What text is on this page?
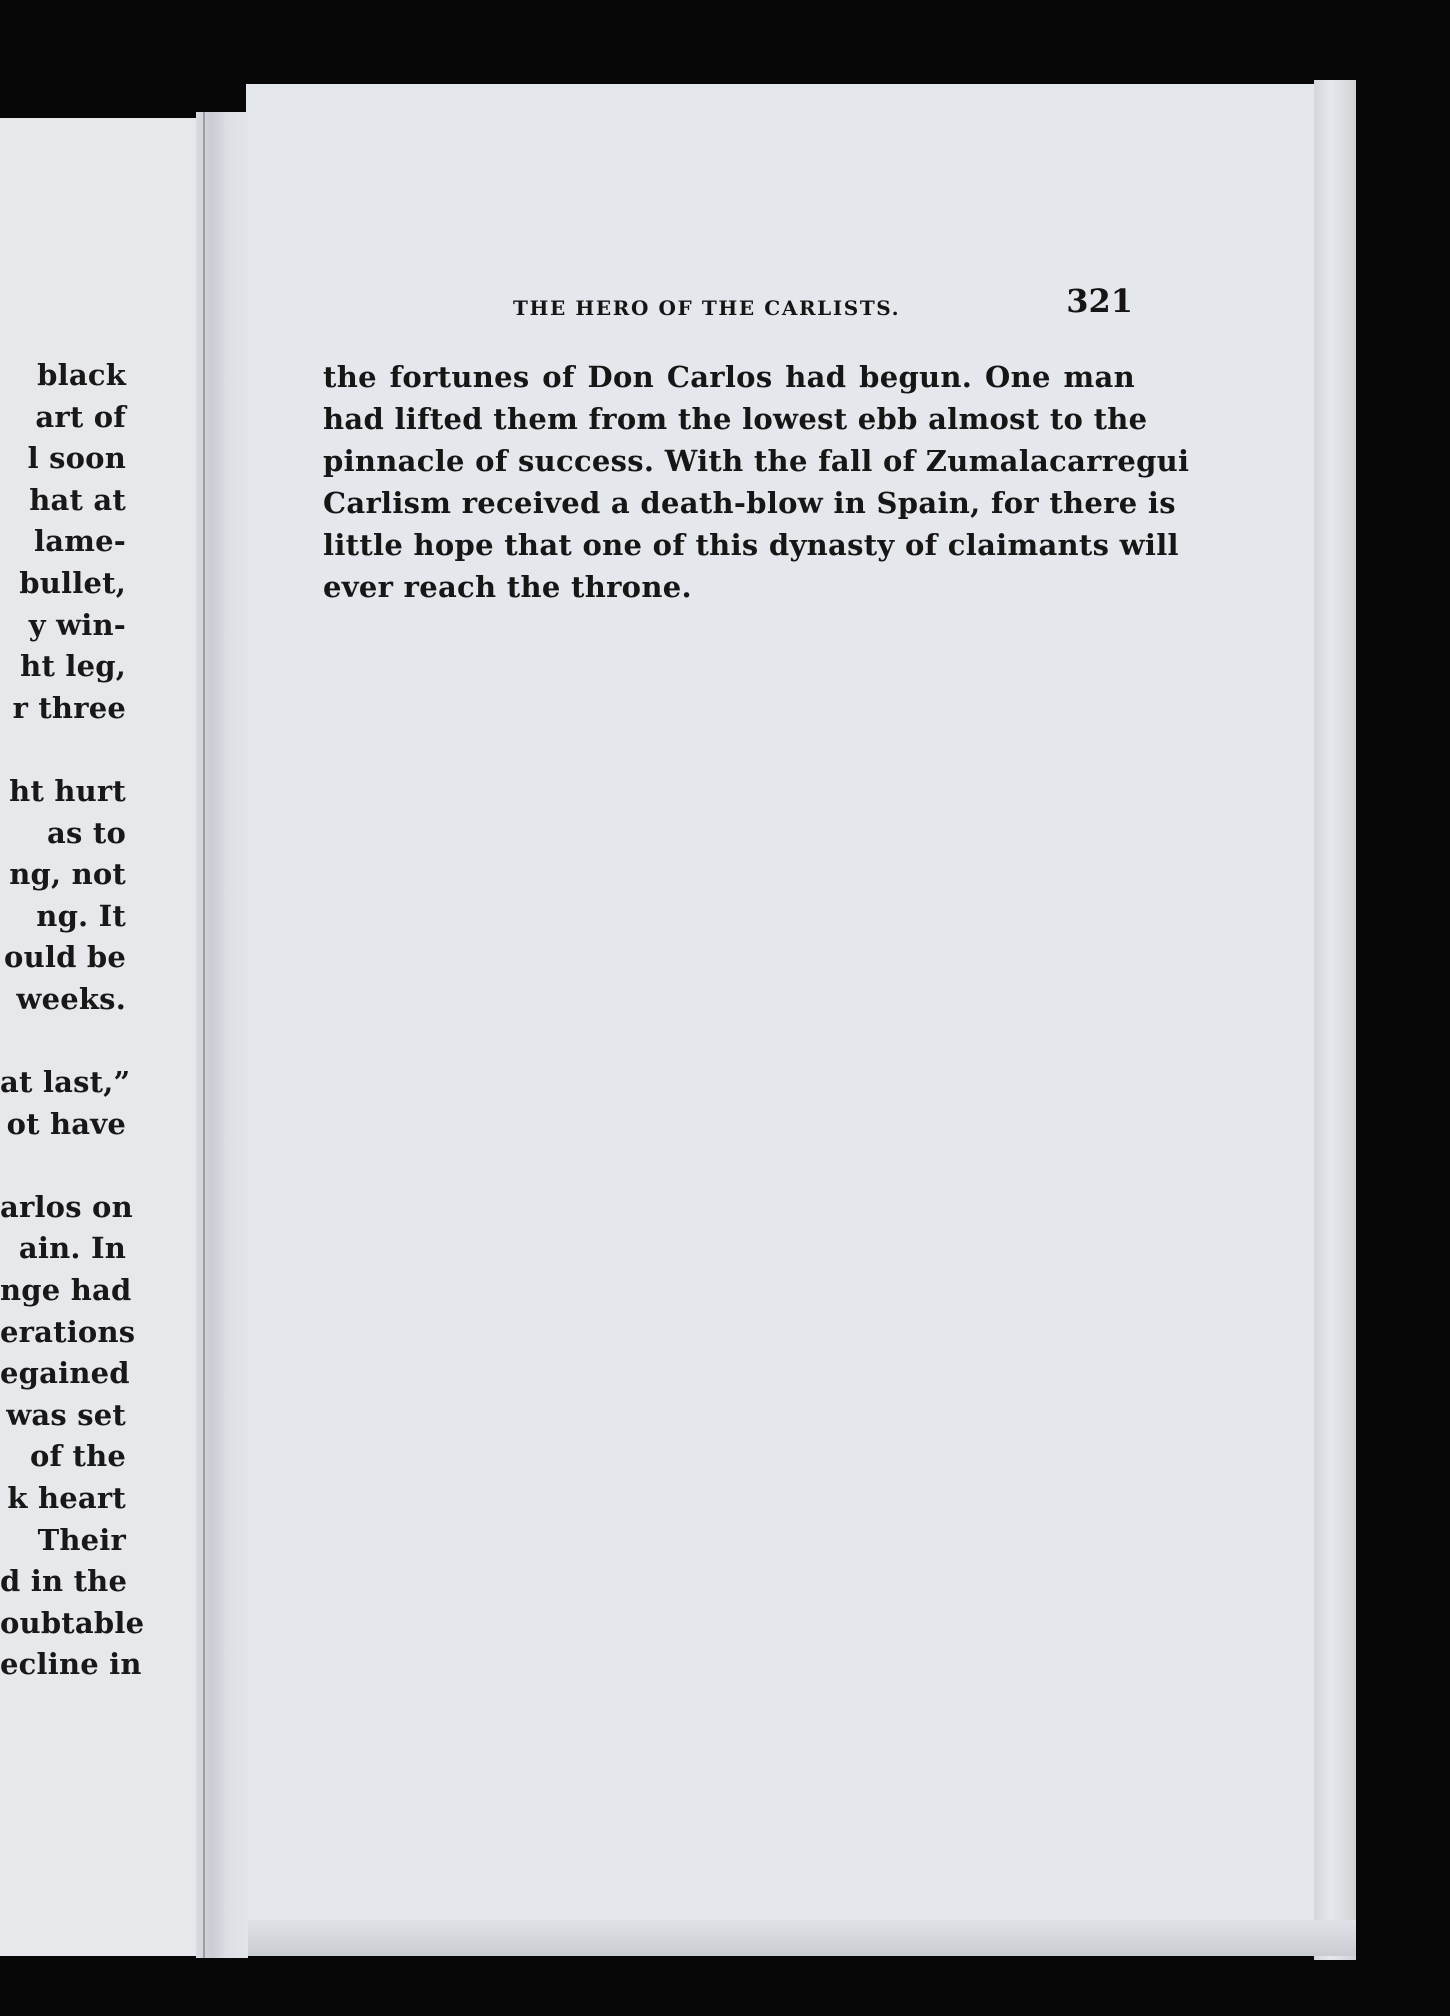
black
art of
l soon
hat at
lame-
bullet,
y win-
ht leg,
r three
ht hurt
as to
ng, not
ng. It
ould be
weeks.
at last,”
ot have
arlos on
ain. In
nge had
erations
egained
was set
of the
k heart
Their
d in the
oubtable
ecline in
THE HERO OF THE CARLISTS.	321
the fortunes of Don Carlos had begun. One man
had lifted them from the lowest ebb almost to the
pinnacle of success. With the fall of Zumalacarregui
Carlism received a death-blow in Spain, for there is
little hope that one of this dynasty of claimants will
ever reach the throne.
